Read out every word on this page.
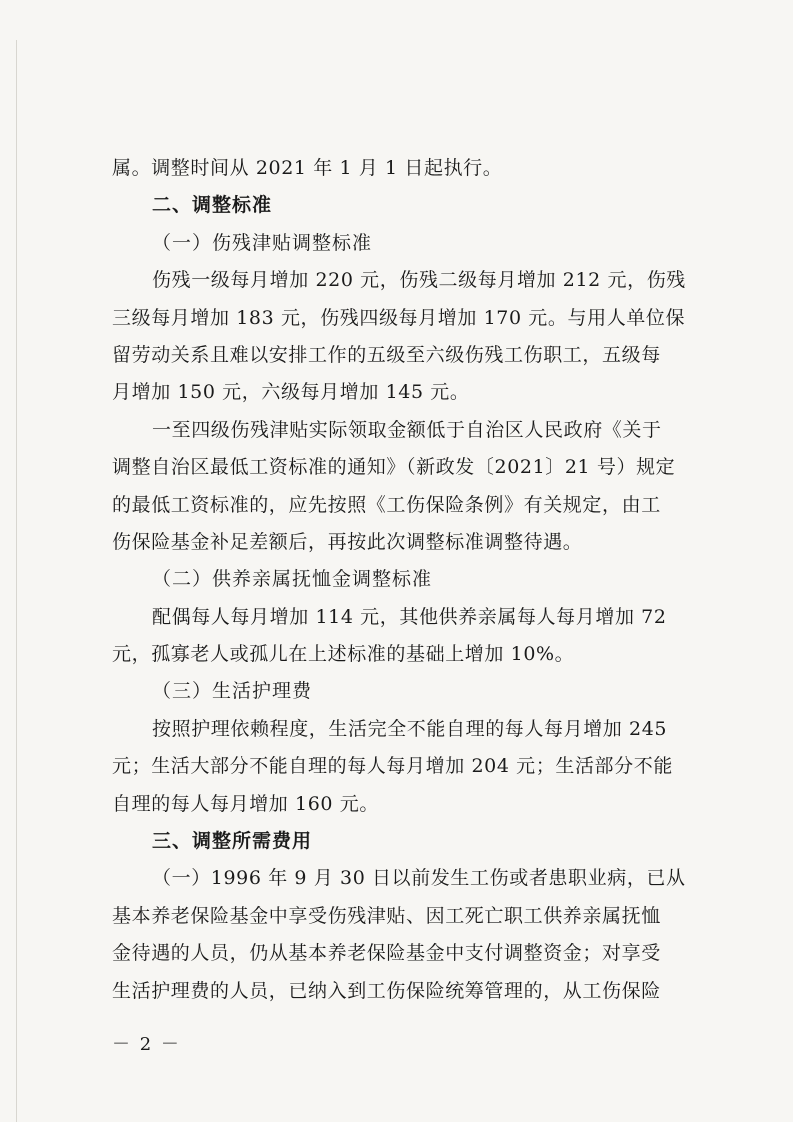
属。调整时间从 2021 年 1 月 1 日起执行。
二、调整标准
（一）伤残津贴调整标准
伤残一级每月增加 220 元，伤残二级每月增加 212 元，伤残
三级每月增加 183 元，伤残四级每月增加 170 元。与用人单位保
留劳动关系且难以安排工作的五级至六级伤残工伤职工，五级每
月增加 150 元，六级每月增加 145 元。
一至四级伤残津贴实际领取金额低于自治区人民政府《关于
调整自治区最低工资标准的通知》（新政发〔2021〕21 号）规定
的最低工资标准的，应先按照《工伤保险条例》有关规定，由工
伤保险基金补足差额后，再按此次调整标准调整待遇。
（二）供养亲属抚恤金调整标准
配偶每人每月增加 114 元，其他供养亲属每人每月增加 72
元，孤寡老人或孤儿在上述标准的基础上增加 10%。
（三）生活护理费
按照护理依赖程度，生活完全不能自理的每人每月增加 245
元；生活大部分不能自理的每人每月增加 204 元；生活部分不能
自理的每人每月增加 160 元。
三、调整所需费用
（一）1996 年 9 月 30 日以前发生工伤或者患职业病，已从
基本养老保险基金中享受伤残津贴、因工死亡职工供养亲属抚恤
金待遇的人员，仍从基本养老保险基金中支付调整资金；对享受
生活护理费的人员，已纳入到工伤保险统筹管理的，从工伤保险
－ 2 －
